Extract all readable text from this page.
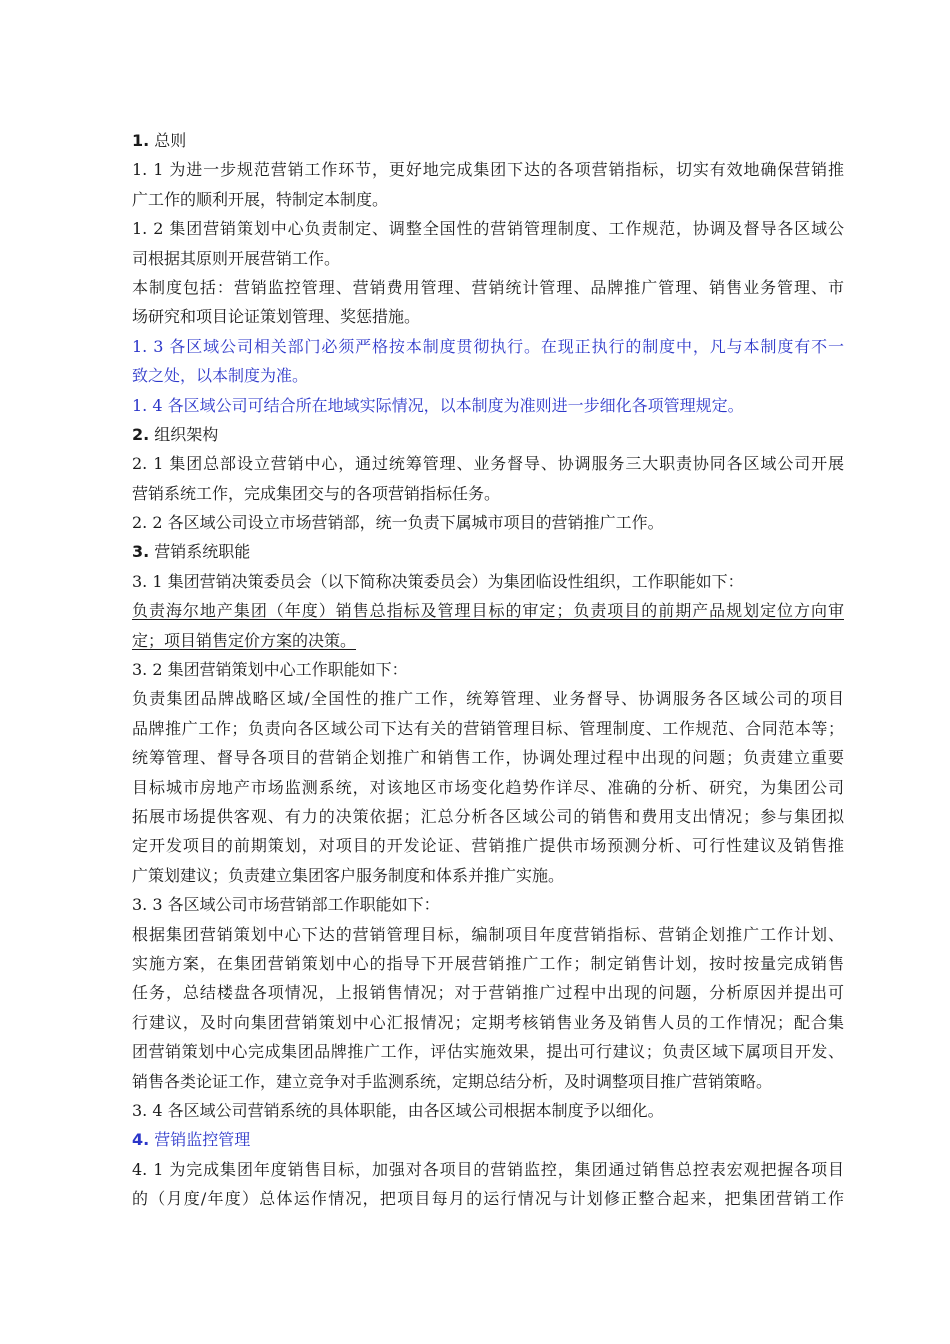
1. 总则
1. 1 为进一步规范营销工作环节，更好地完成集团下达的各项营销指标，切实有效地确保营销推
广工作的顺利开展，特制定本制度。
1. 2 集团营销策划中心负责制定、调整全国性的营销管理制度、工作规范，协调及督导各区域公
司根据其原则开展营销工作。
本制度包括：营销监控管理、营销费用管理、营销统计管理、品牌推广管理、销售业务管理、市
场研究和项目论证策划管理、奖惩措施。
1. 3 各区域公司相关部门必须严格按本制度贯彻执行。在现正执行的制度中，凡与本制度有不一
致之处，以本制度为准。
1. 4 各区域公司可结合所在地域实际情况，以本制度为准则进一步细化各项管理规定。
2. 组织架构
2. 1 集团总部设立营销中心，通过统筹管理、业务督导、协调服务三大职责协同各区域公司开展
营销系统工作，完成集团交与的各项营销指标任务。
2. 2 各区域公司设立市场营销部，统一负责下属城市项目的营销推广工作。
3. 营销系统职能
3. 1 集团营销决策委员会（以下简称决策委员会）为集团临设性组织，工作职能如下：
负责海尔地产集团（年度）销售总指标及管理目标的审定；负责项目的前期产品规划定位方向审
定；项目销售定价方案的决策。
3. 2 集团营销策划中心工作职能如下：
负责集团品牌战略区域/全国性的推广工作，统筹管理、业务督导、协调服务各区域公司的项目
品牌推广工作；负责向各区域公司下达有关的营销管理目标、管理制度、工作规范、合同范本等；
统筹管理、督导各项目的营销企划推广和销售工作，协调处理过程中出现的问题；负责建立重要
目标城市房地产市场监测系统，对该地区市场变化趋势作详尽、准确的分析、研究，为集团公司
拓展市场提供客观、有力的决策依据；汇总分析各区域公司的销售和费用支出情况；参与集团拟
定开发项目的前期策划，对项目的开发论证、营销推广提供市场预测分析、可行性建议及销售推
广策划建议；负责建立集团客户服务制度和体系并推广实施。
3. 3 各区域公司市场营销部工作职能如下：
根据集团营销策划中心下达的营销管理目标，编制项目年度营销指标、营销企划推广工作计划、
实施方案，在集团营销策划中心的指导下开展营销推广工作；制定销售计划，按时按量完成销售
任务，总结楼盘各项情况，上报销售情况；对于营销推广过程中出现的问题，分析原因并提出可
行建议，及时向集团营销策划中心汇报情况；定期考核销售业务及销售人员的工作情况；配合集
团营销策划中心完成集团品牌推广工作，评估实施效果，提出可行建议；负责区域下属项目开发、
销售各类论证工作，建立竞争对手监测系统，定期总结分析，及时调整项目推广营销策略。
3. 4 各区域公司营销系统的具体职能，由各区域公司根据本制度予以细化。
4. 营销监控管理
4. 1 为完成集团年度销售目标，加强对各项目的营销监控，集团通过销售总控表宏观把握各项目
的（月度/年度）总体运作情况，把项目每月的运行情况与计划修正整合起来，把集团营销工作
